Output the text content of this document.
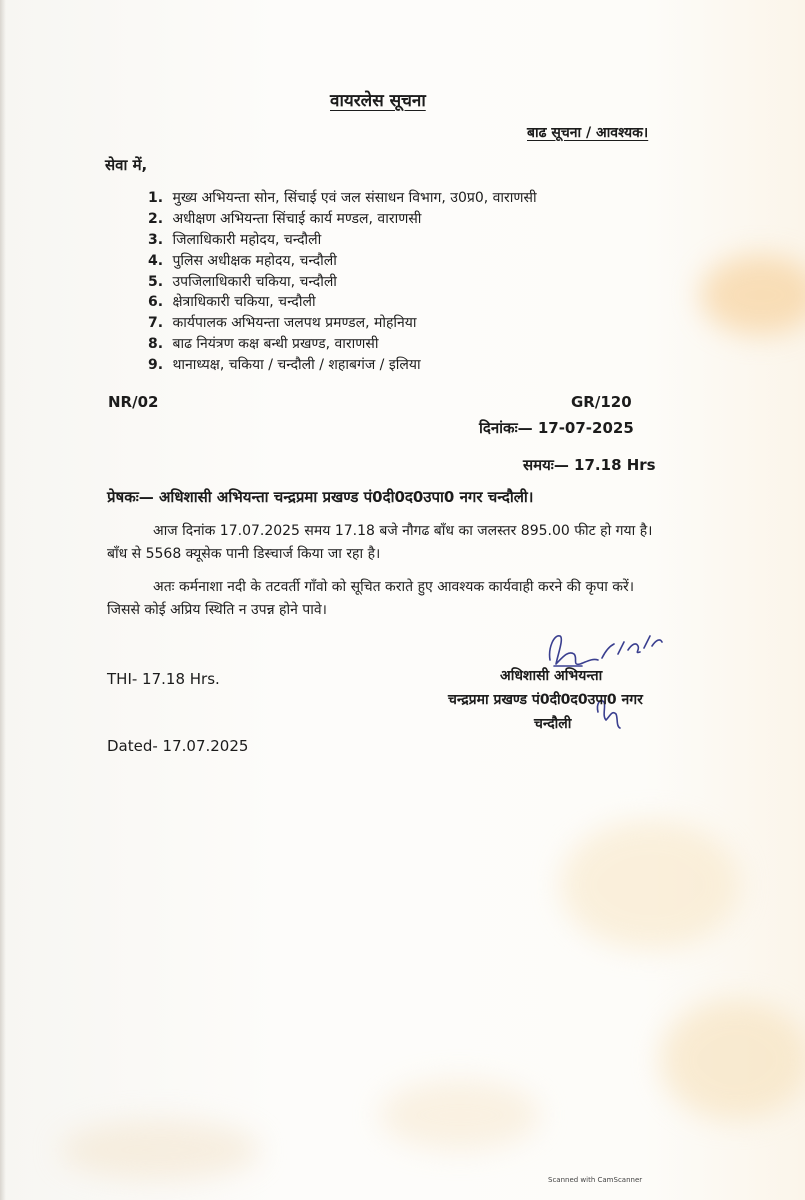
वायरलेस सूचना
बाढ सूचना / आवश्यक।
सेवा में,
1. मुख्य अभियन्ता सोन, सिंचाई एवं जल संसाधन विभाग, उ0प्र0, वाराणसी
2. अधीक्षण अभियन्ता सिंचाई कार्य मण्डल, वाराणसी
3. जिलाधिकारी महोदय, चन्दौली
4. पुलिस अधीक्षक महोदय, चन्दौली
5. उपजिलाधिकारी चकिया, चन्दौली
6. क्षेत्राधिकारी चकिया, चन्दौली
7. कार्यपालक अभियन्ता जलपथ प्रमण्डल, मोहनिया
8. बाढ नियंत्रण कक्ष बन्धी प्रखण्ड, वाराणसी
9. थानाध्यक्ष, चकिया / चन्दौली / शहाबगंज / इलिया
NR/02	GR/120
दिनांकः— 17-07-2025
समयः— 17.18 Hrs
प्रेषकः— अधिशासी अभियन्ता चन्द्रप्रमा प्रखण्ड पं0दी0द0उपा0 नगर चन्दौली।
आज दिनांक 17.07.2025 समय 17.18 बजे नौगढ बाँध का जलस्तर 895.00 फीट हो गया है। बाँध से 5568 क्यूसेक पानी डिस्चार्ज किया जा रहा है।
अतः कर्मनाशा नदी के तटवर्ती गाँवो को सूचित कराते हुए आवश्यक कार्यवाही करने की कृपा करें। जिससे कोई अप्रिय स्थिति न उपन्न होने पावे।
THI- 17.18 Hrs.
Dated- 17.07.2025
अधिशासी अभियन्ता
चन्द्रप्रमा प्रखण्ड पं0दी0द0उपा0 नगर
चन्दौली
Scanned with CamScanner
